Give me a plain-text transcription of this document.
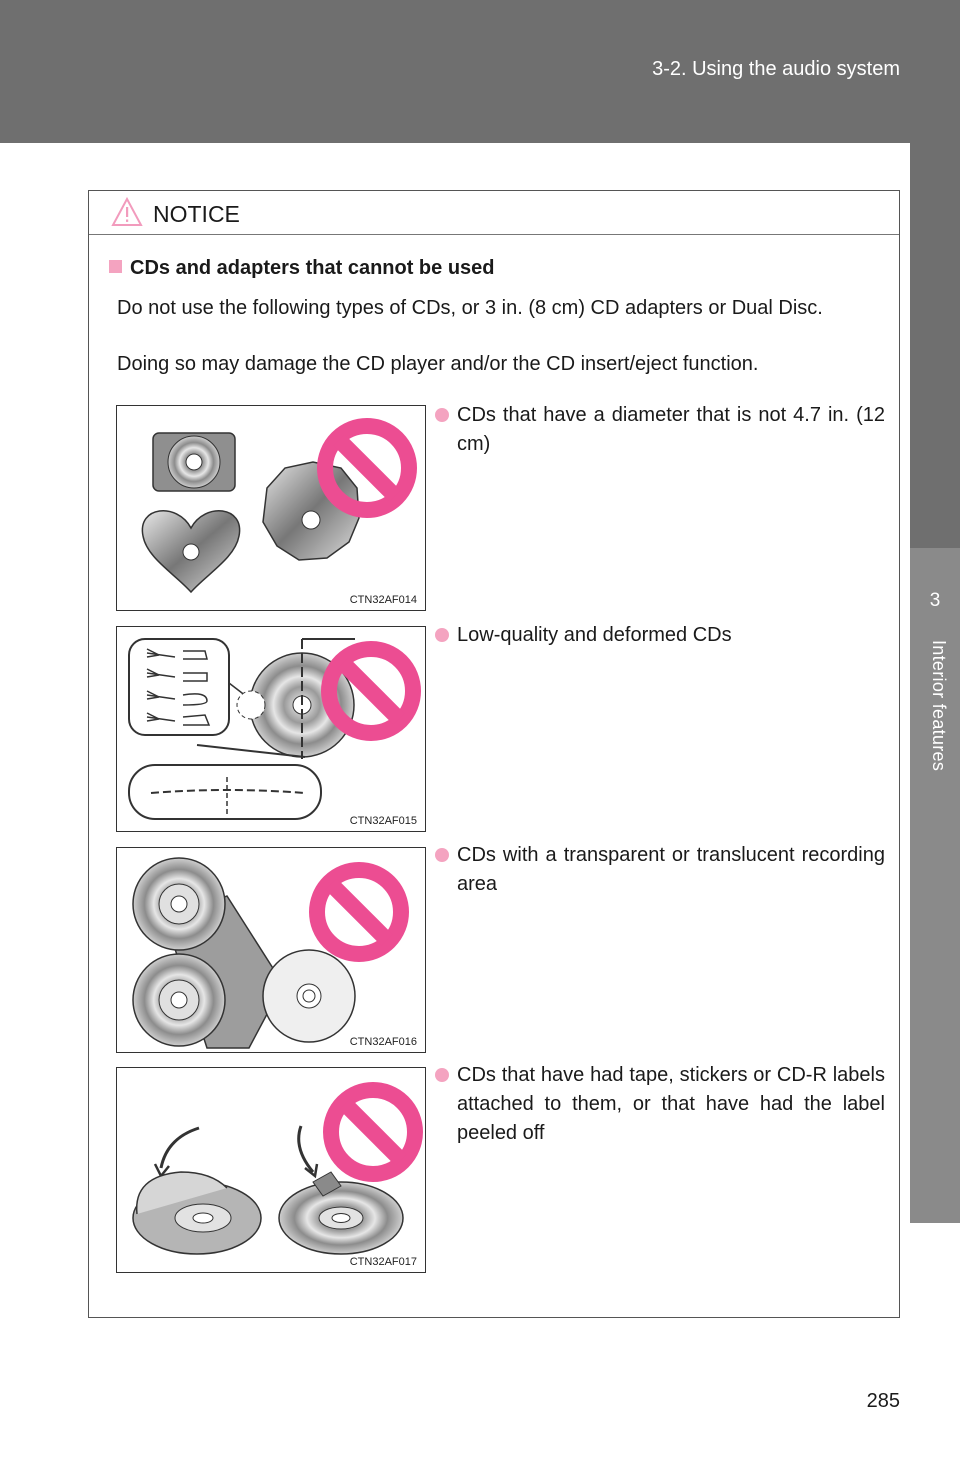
3-2. Using the audio system
3
Interior features
NOTICE
CDs and adapters that cannot be used
Do not use the following types of CDs, or 3 in. (8 cm) CD adapters or Dual Disc.
Doing so may damage the CD player and/or the CD insert/eject function.
CTN32AF014
CDs that have a diameter that is not 4.7 in. (12 cm)
CTN32AF015
Low-quality and deformed CDs
CTN32AF016
CDs with a transparent or translucent recording area
CTN32AF017
CDs that have had tape, stickers or CD-R labels attached to them, or that have had the label peeled off
285
